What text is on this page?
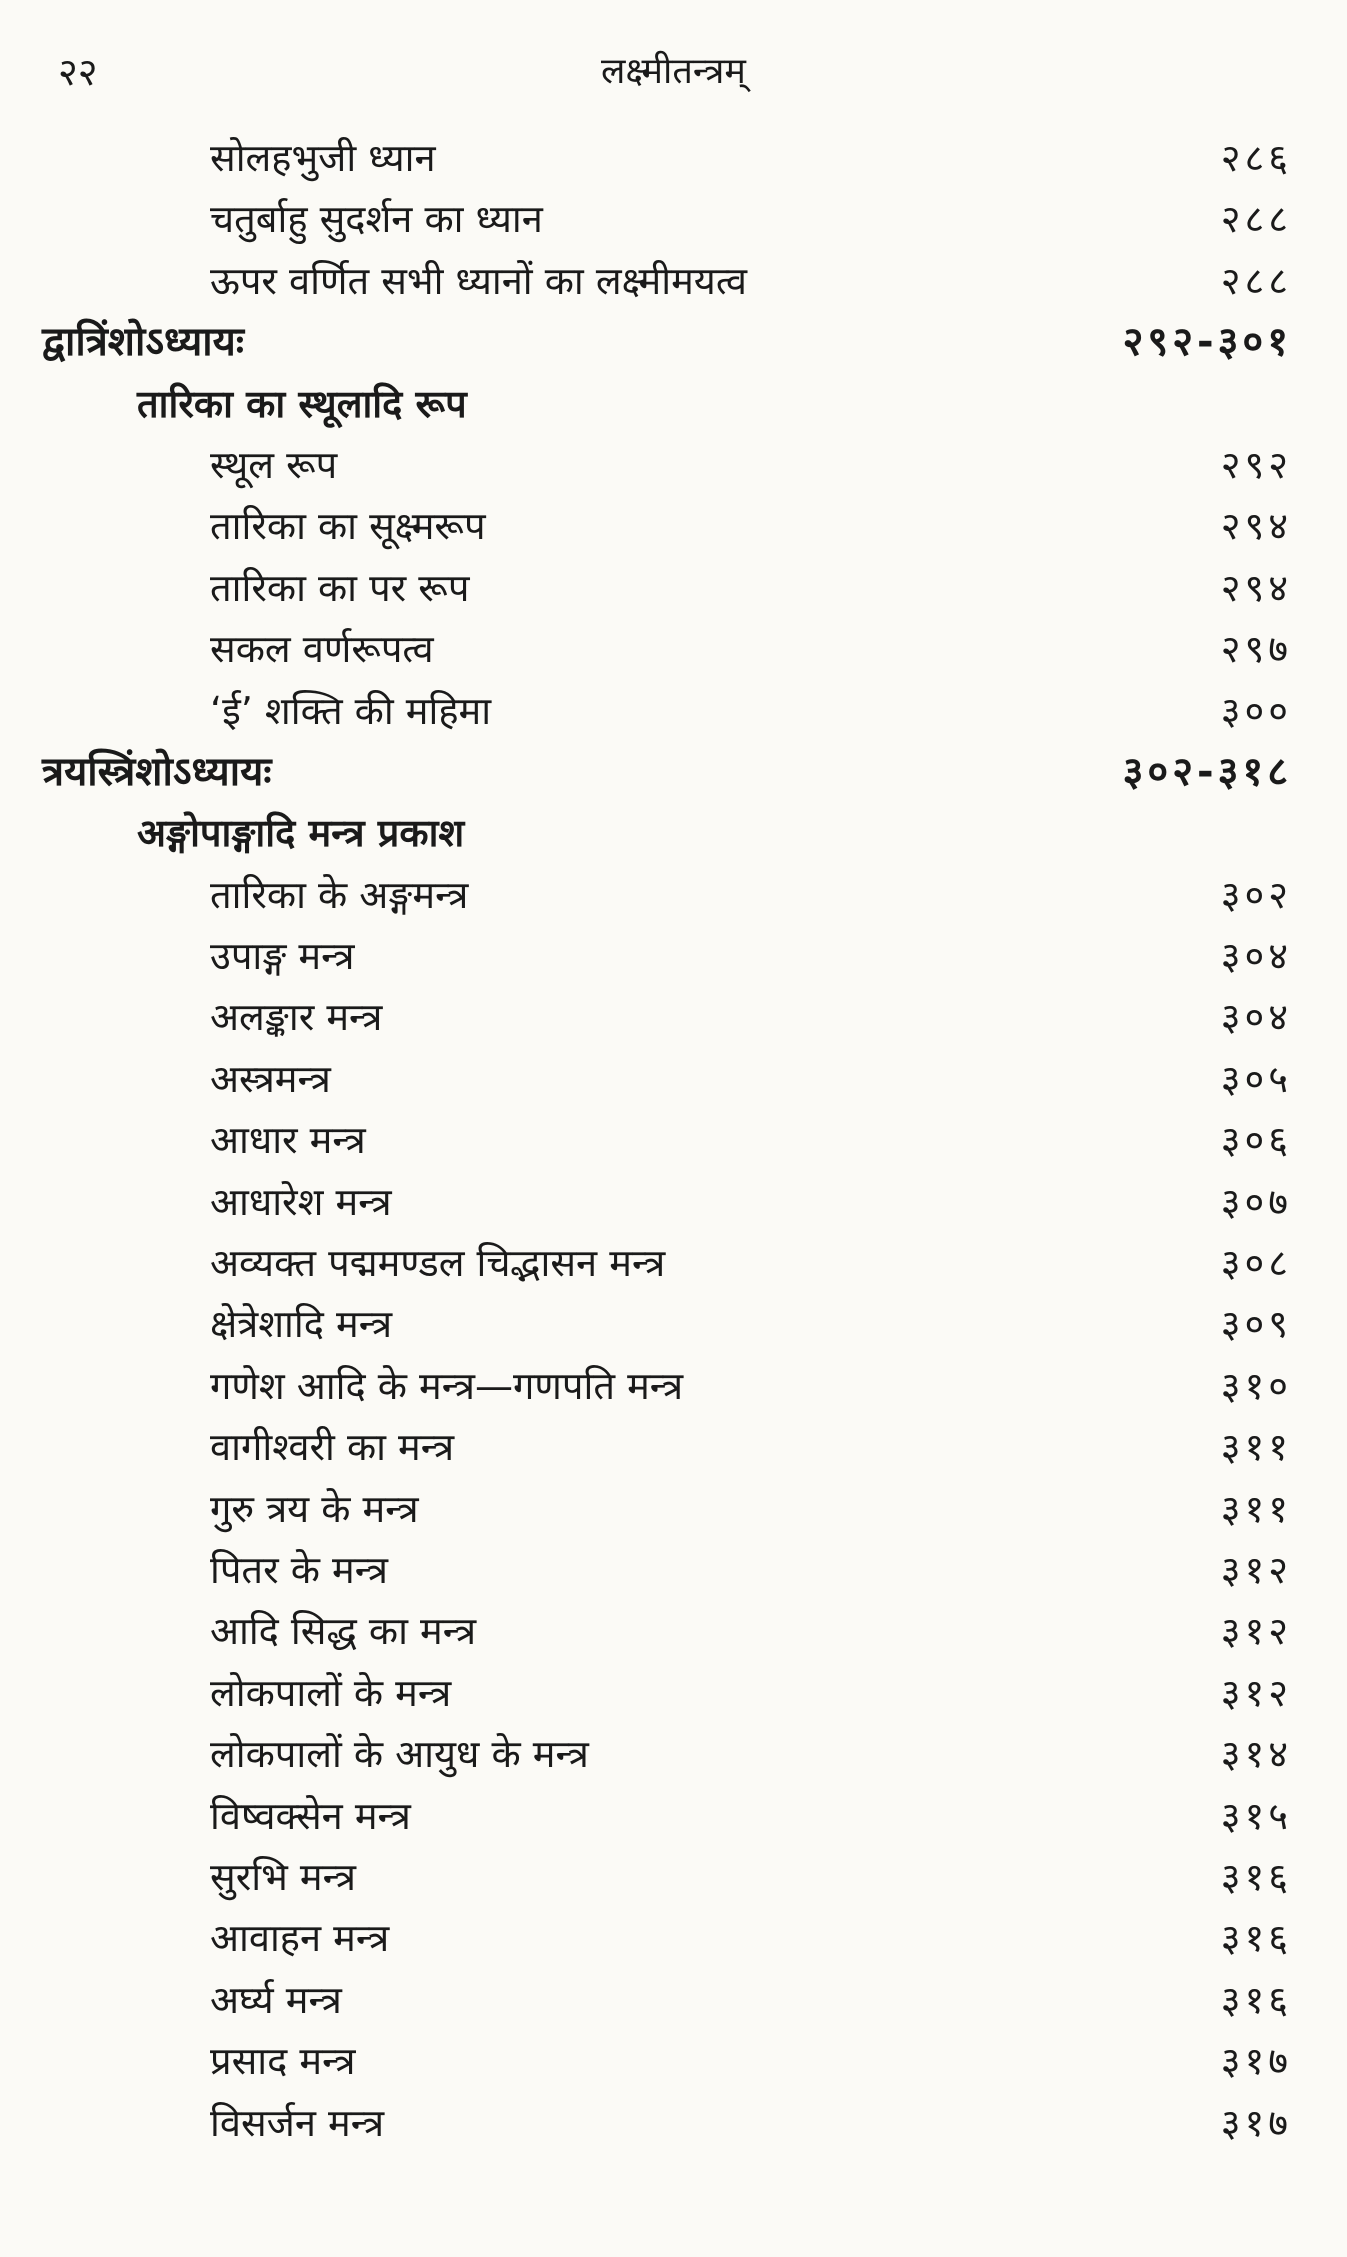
२२	लक्ष्मीतन्त्रम्
सोलहभुजी ध्यान	२८६
चतुर्बाहु सुदर्शन का ध्यान	२८८
ऊपर वर्णित सभी ध्यानों का लक्ष्मीमयत्व	२८८
द्वात्रिंशोऽध्यायः	२९२-३०१
तारिका का स्थूलादि रूप
स्थूल रूप	२९२
तारिका का सूक्ष्मरूप	२९४
तारिका का पर रूप	२९४
सकल वर्णरूपत्व	२९७
‘ई’ शक्ति की महिमा	३००
त्रयस्त्रिंशोऽध्यायः	३०२-३१८
अङ्गोपाङ्गादि मन्त्र प्रकाश
तारिका के अङ्गमन्त्र	३०२
उपाङ्ग मन्त्र	३०४
अलङ्कार मन्त्र	३०४
अस्त्रमन्त्र	३०५
आधार मन्त्र	३०६
आधारेश मन्त्र	३०७
अव्यक्त पद्ममण्डल चिद्भासन मन्त्र	३०८
क्षेत्रेशादि मन्त्र	३०९
गणेश आदि के मन्त्र—गणपति मन्त्र	३१०
वागीश्वरी का मन्त्र	३११
गुरु त्रय के मन्त्र	३११
पितर के मन्त्र	३१२
आदि सिद्ध का मन्त्र	३१२
लोकपालों के मन्त्र	३१२
लोकपालों के आयुध के मन्त्र	३१४
विष्वक्सेन मन्त्र	३१५
सुरभि मन्त्र	३१६
आवाहन मन्त्र	३१६
अर्घ्य मन्त्र	३१६
प्रसाद मन्त्र	३१७
विसर्जन मन्त्र	३१७
